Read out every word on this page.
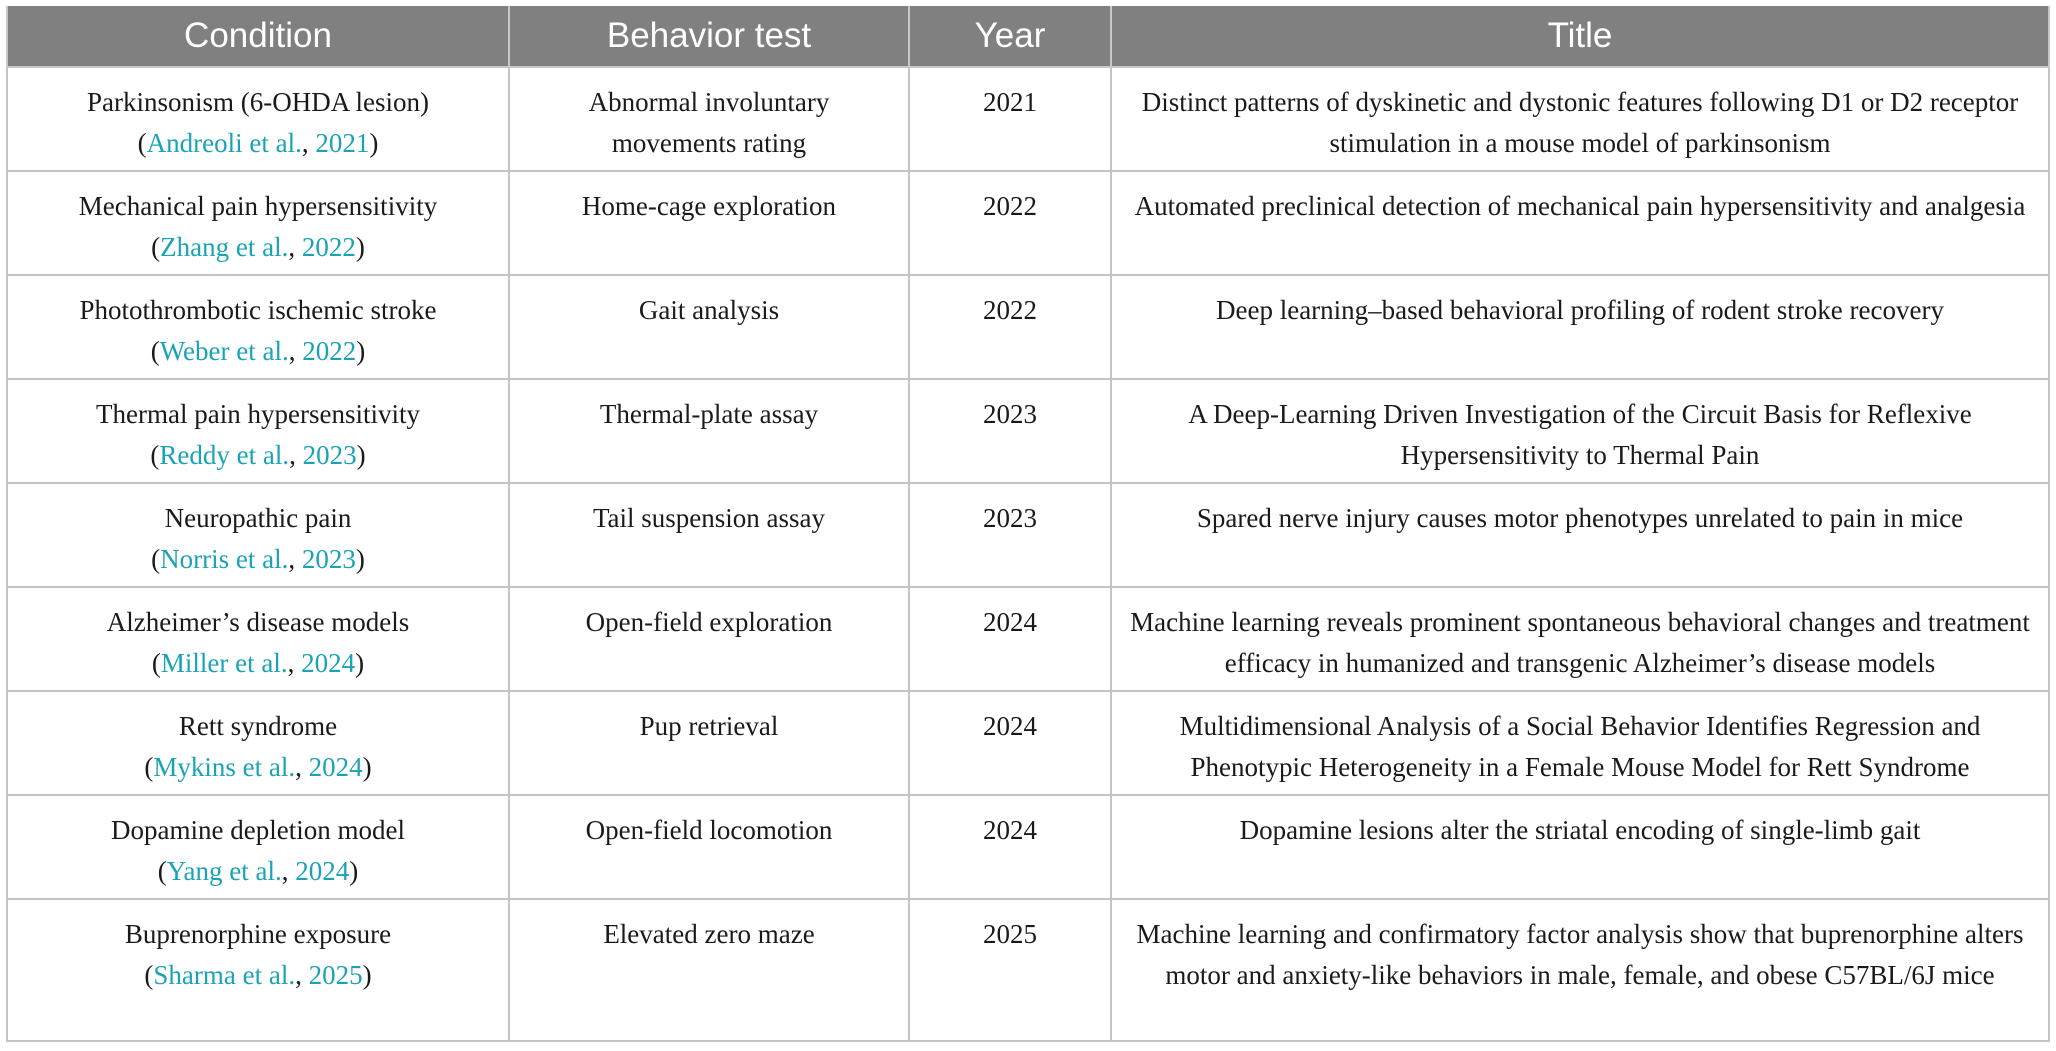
Condition	Behavior test	Year	Title
Parkinsonism (6-OHDA lesion)
(Andreoli et al., 2021)	Abnormal involuntary movements rating	2021	Distinct patterns of dyskinetic and dystonic features following D1 or D2 receptor stimulation in a mouse model of parkinsonism
Mechanical pain hypersensitivity
(Zhang et al., 2022)	Home-cage exploration	2022	Automated preclinical detection of mechanical pain hypersensitivity and analgesia
Photothrombotic ischemic stroke
(Weber et al., 2022)	Gait analysis	2022	Deep learning–based behavioral profiling of rodent stroke recovery
Thermal pain hypersensitivity
(Reddy et al., 2023)	Thermal-plate assay	2023	A Deep-Learning Driven Investigation of the Circuit Basis for Reflexive Hypersensitivity to Thermal Pain
Neuropathic pain
(Norris et al., 2023)	Tail suspension assay	2023	Spared nerve injury causes motor phenotypes unrelated to pain in mice
Alzheimer’s disease models
(Miller et al., 2024)	Open-field exploration	2024	Machine learning reveals prominent spontaneous behavioral changes and treatment efficacy in humanized and transgenic Alzheimer’s disease models
Rett syndrome
(Mykins et al., 2024)	Pup retrieval	2024	Multidimensional Analysis of a Social Behavior Identifies Regression and Phenotypic Heterogeneity in a Female Mouse Model for Rett Syndrome
Dopamine depletion model
(Yang et al., 2024)	Open-field locomotion	2024	Dopamine lesions alter the striatal encoding of single-limb gait
Buprenorphine exposure
(Sharma et al., 2025)	Elevated zero maze	2025	Machine learning and confirmatory factor analysis show that buprenorphine alters motor and anxiety-like behaviors in male, female, and obese C57BL/6J mice
